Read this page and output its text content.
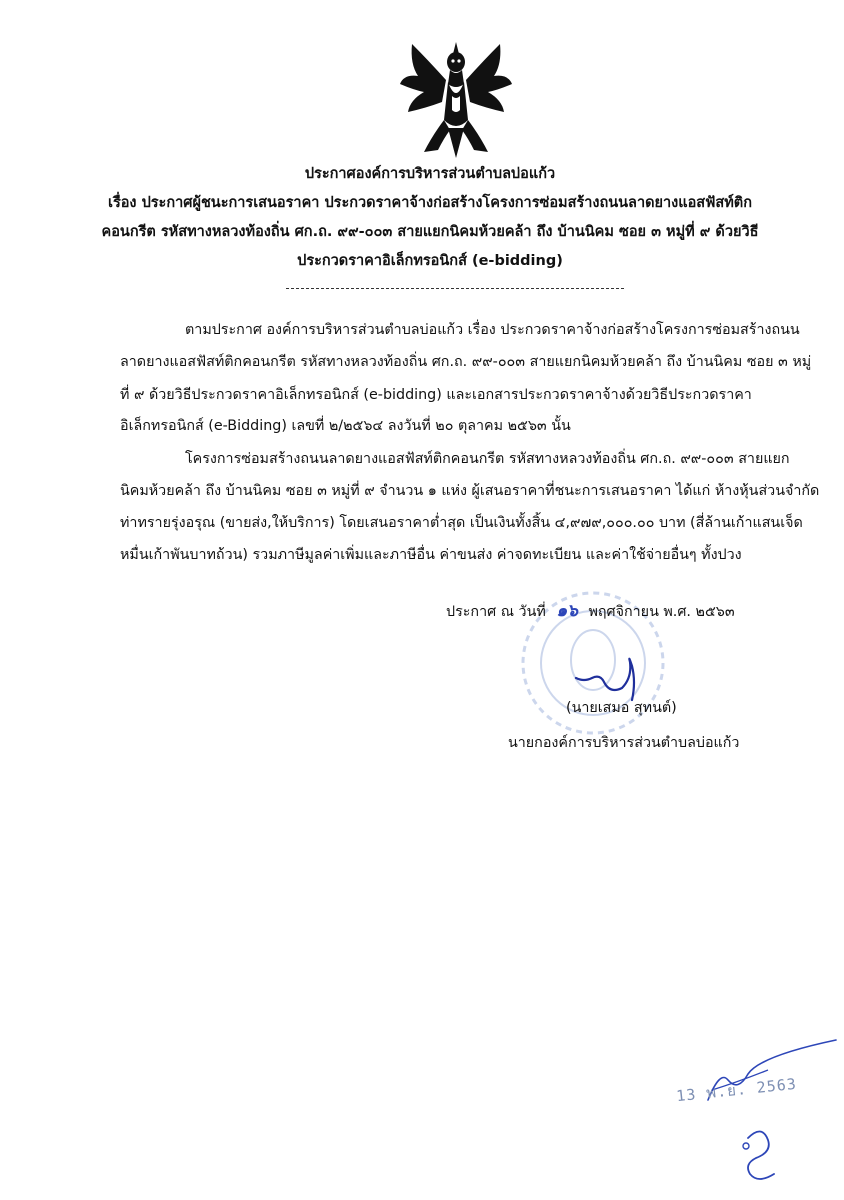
ประกาศองค์การบริหารส่วนตำบลบ่อแก้ว
เรื่อง ประกาศผู้ชนะการเสนอราคา ประกวดราคาจ้างก่อสร้างโครงการซ่อมสร้างถนนลาดยางแอสฟัสท์ติก
คอนกรีต รหัสทางหลวงท้องถิ่น ศก.ถ. ๙๙-๐๐๓ สายแยกนิคมห้วยคล้า ถึง บ้านนิคม ซอย ๓ หมู่ที่ ๙ ด้วยวิธี
ประกวดราคาอิเล็กทรอนิกส์ (e-bidding)
ตามประกาศ องค์การบริหารส่วนตำบลบ่อแก้ว เรื่อง ประกวดราคาจ้างก่อสร้างโครงการซ่อมสร้างถนน
ลาดยางแอสฟัสท์ติกคอนกรีต รหัสทางหลวงท้องถิ่น ศก.ถ. ๙๙-๐๐๓ สายแยกนิคมห้วยคล้า ถึง บ้านนิคม ซอย ๓ หมู่
ที่ ๙ ด้วยวิธีประกวดราคาอิเล็กทรอนิกส์ (e-bidding) และเอกสารประกวดราคาจ้างด้วยวิธีประกวดราคา
อิเล็กทรอนิกส์ (e-Bidding) เลขที่ ๒/๒๕๖๔ ลงวันที่ ๒๐ ตุลาคม ๒๕๖๓ นั้น
โครงการซ่อมสร้างถนนลาดยางแอสฟัสท์ติกคอนกรีต รหัสทางหลวงท้องถิ่น ศก.ถ. ๙๙-๐๐๓ สายแยก
นิคมห้วยคล้า ถึง บ้านนิคม ซอย ๓ หมู่ที่ ๙ จำนวน ๑ แห่ง ผู้เสนอราคาที่ชนะการเสนอราคา ได้แก่ ห้างหุ้นส่วนจำกัด
ท่าทรายรุ่งอรุณ (ขายส่ง,ให้บริการ) โดยเสนอราคาต่ำสุด เป็นเงินทั้งสิ้น ๔,๙๗๙,๐๐๐.๐๐ บาท (สี่ล้านเก้าแสนเจ็ด
หมื่นเก้าพันบาทถ้วน) รวมภาษีมูลค่าเพิ่มและภาษีอื่น ค่าขนส่ง ค่าจดทะเบียน และค่าใช้จ่ายอื่นๆ ทั้งปวง
ประกาศ ณ วันที่ ๑๖ พฤศจิกายน พ.ศ. ๒๕๖๓
(นายเสมอ สุทนต์)
นายกองค์การบริหารส่วนตำบลบ่อแก้ว
13 พ.ย. 2563
